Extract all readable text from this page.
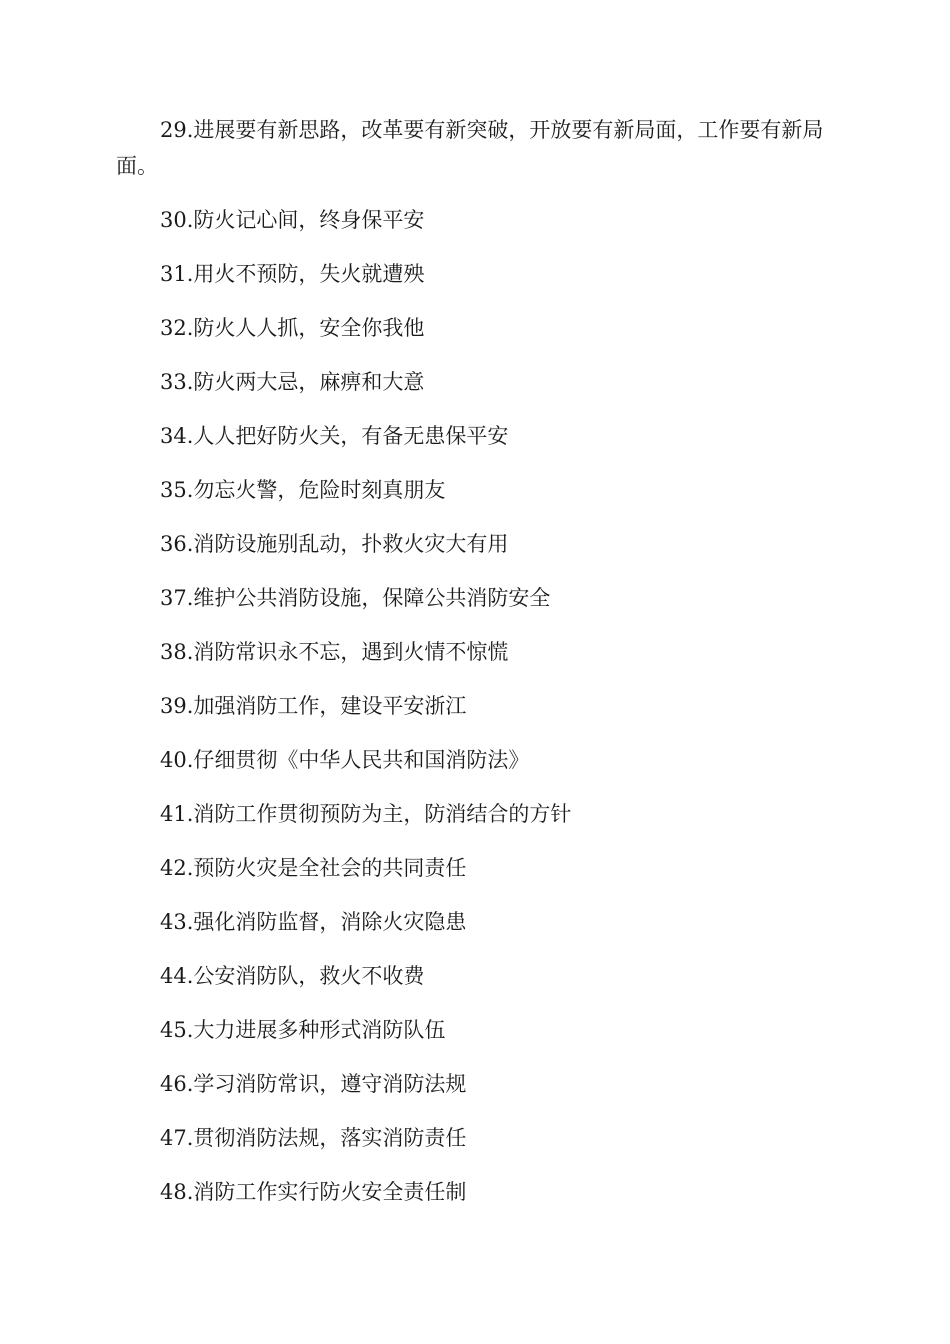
29.进展要有新思路，改革要有新突破，开放要有新局面，工作要有新局面。

30.防火记心间，终身保平安

31.用火不预防，失火就遭殃

32.防火人人抓，安全你我他

33.防火两大忌，麻痹和大意

34.人人把好防火关，有备无患保平安

35.勿忘火警，危险时刻真朋友

36.消防设施别乱动，扑救火灾大有用

37.维护公共消防设施，保障公共消防安全

38.消防常识永不忘，遇到火情不惊慌

39.加强消防工作，建设平安浙江

40.仔细贯彻《中华人民共和国消防法》

41.消防工作贯彻预防为主，防消结合的方针

42.预防火灾是全社会的共同责任

43.强化消防监督，消除火灾隐患

44.公安消防队，救火不收费

45.大力进展多种形式消防队伍

46.学习消防常识，遵守消防法规

47.贯彻消防法规，落实消防责任

48.消防工作实行防火安全责任制
